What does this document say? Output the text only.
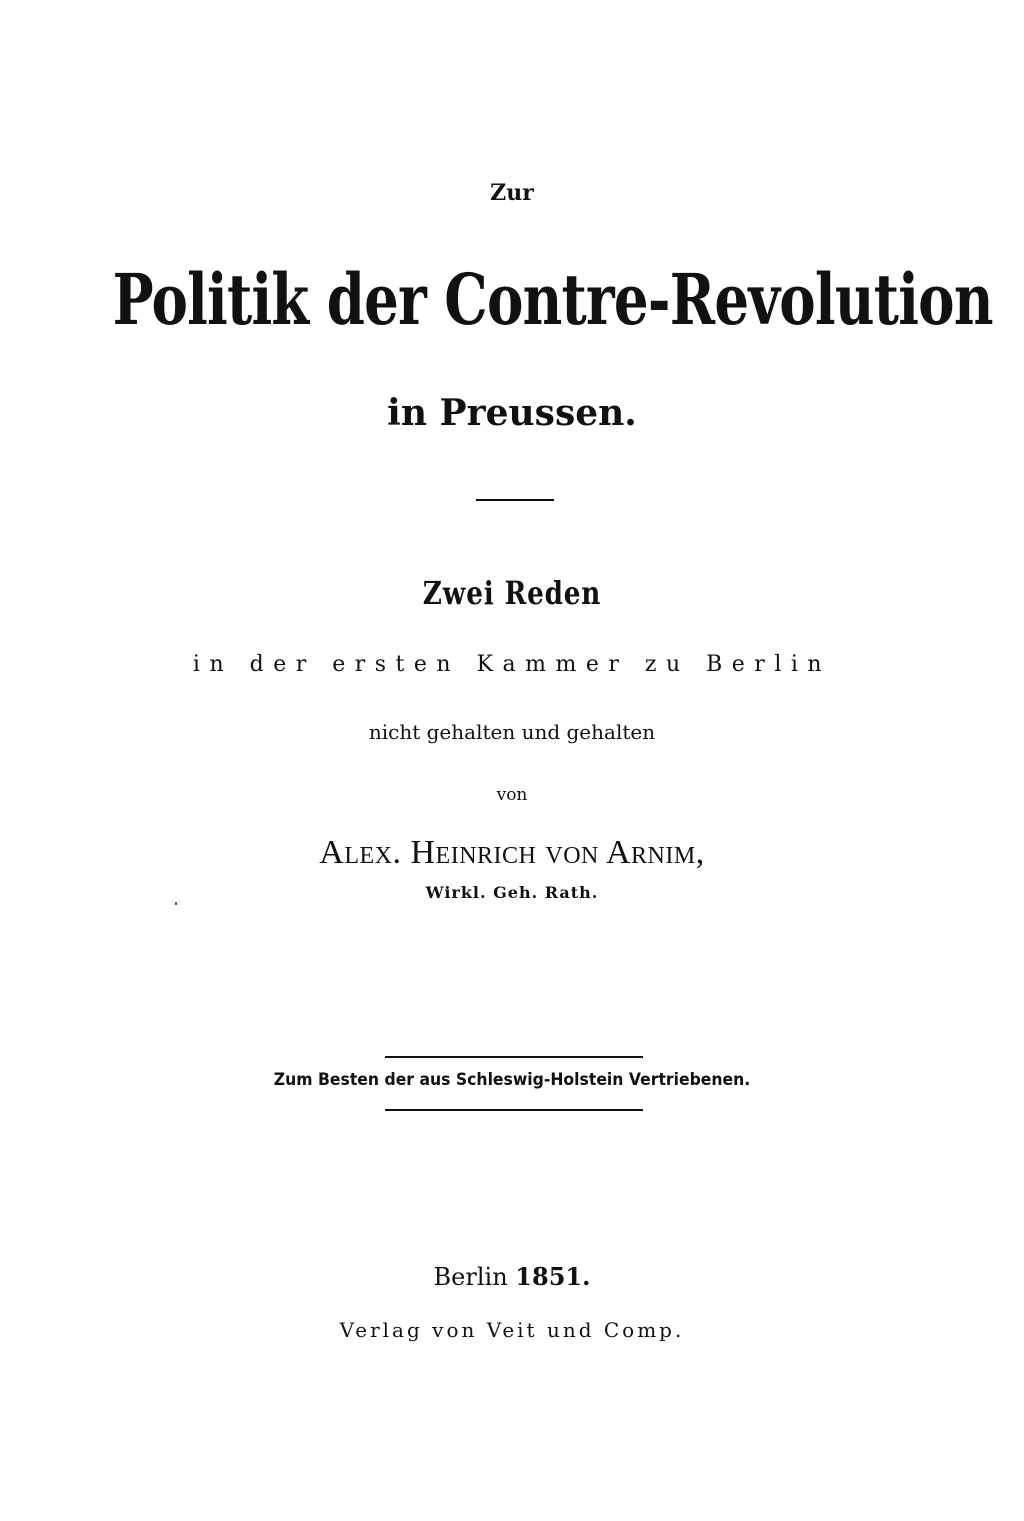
Zur
Politik der Contre-Revolution
in Preussen.
Zwei Reden
in der ersten Kammer zu Berlin
nicht gehalten und gehalten
von
Alex. Heinrich von Arnim,
Wirkl. Geh. Rath.
Zum Besten der aus Schleswig-Holstein Vertriebenen.
Berlin 1851.
Verlag von Veit und Comp.
